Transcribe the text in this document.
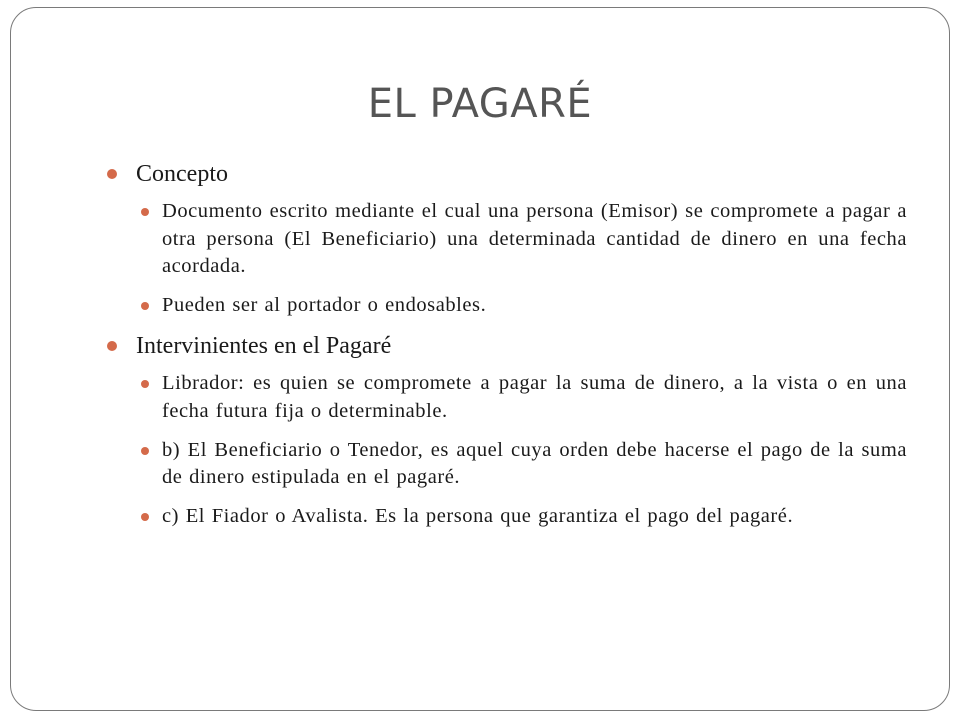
EL PAGARÉ

Concepto

Documento escrito mediante el cual una persona (Emisor) se compromete a pagar a otra persona (El Beneficiario) una determinada cantidad de dinero en una fecha acordada.

Pueden ser al portador o endosables.

Intervinientes en el Pagaré

Librador: es quien se compromete a pagar la suma de dinero, a la vista o en una fecha futura fija o determinable.

b) El Beneficiario o Tenedor, es aquel cuya orden debe hacerse el pago de la suma de dinero estipulada en el pagaré.

c) El Fiador o Avalista. Es la persona que garantiza el pago del pagaré.
